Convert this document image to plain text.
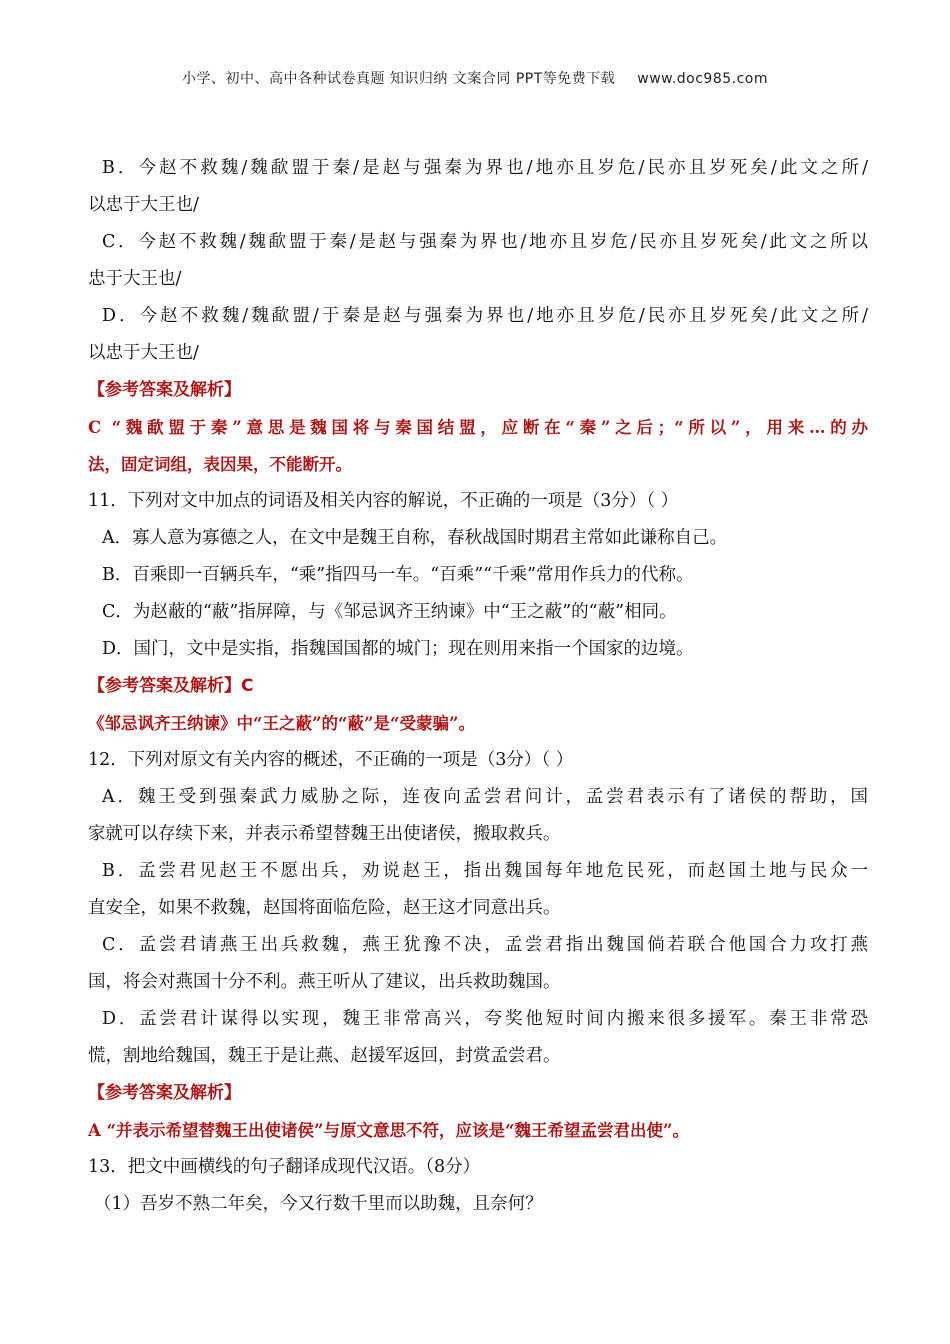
小学、初中、高中各种试卷真题 知识归纳 文案合同 PPT等免费下载 www.doc985.com
B．今赵不救魏/魏歃盟于秦/是赵与强秦为界也/地亦且岁危/民亦且岁死矣/此文之所/
以忠于大王也/
C．今赵不救魏/魏歃盟于秦/是赵与强秦为界也/地亦且岁危/民亦且岁死矣/此文之所以
忠于大王也/
D．今赵不救魏/魏歃盟/于秦是赵与强秦为界也/地亦且岁危/民亦且岁死矣/此文之所/
以忠于大王也/
【参考答案及解析】
C “魏歃盟于秦”意思是魏国将与秦国结盟，应断在“秦”之后；“所以”，用来…的办
法，固定词组，表因果，不能断开。
11．下列对文中加点的词语及相关内容的解说，不正确的一项是（3分）（ ）
A．寡人意为寡德之人，在文中是魏王自称，春秋战国时期君主常如此谦称自己。
B．百乘即一百辆兵车，“乘”指四马一车。“百乘”“千乘”常用作兵力的代称。
C．为赵蔽的“蔽”指屏障，与《邹忌讽齐王纳谏》中“王之蔽”的“蔽”相同。
D．国门，文中是实指，指魏国国都的城门；现在则用来指一个国家的边境。
【参考答案及解析】C
《邹忌讽齐王纳谏》中“王之蔽”的“蔽”是“受蒙骗”。
12．下列对原文有关内容的概述，不正确的一项是（3分）（ ）
A．魏王受到强秦武力威胁之际，连夜向孟尝君问计，孟尝君表示有了诸侯的帮助，国
家就可以存续下来，并表示希望替魏王出使诸侯，搬取救兵。
B．孟尝君见赵王不愿出兵，劝说赵王，指出魏国每年地危民死，而赵国土地与民众一
直安全，如果不救魏，赵国将面临危险，赵王这才同意出兵。
C．孟尝君请燕王出兵救魏，燕王犹豫不决，孟尝君指出魏国倘若联合他国合力攻打燕
国，将会对燕国十分不利。燕王听从了建议，出兵救助魏国。
D．孟尝君计谋得以实现，魏王非常高兴，夸奖他短时间内搬来很多援军。秦王非常恐
慌，割地给魏国，魏王于是让燕、赵援军返回，封赏孟尝君。
【参考答案及解析】
A “并表示希望替魏王出使诸侯”与原文意思不符，应该是“魏王希望孟尝君出使”。
13．把文中画横线的句子翻译成现代汉语。（8分）
（1）吾岁不熟二年矣，今又行数千里而以助魏，且奈何？
